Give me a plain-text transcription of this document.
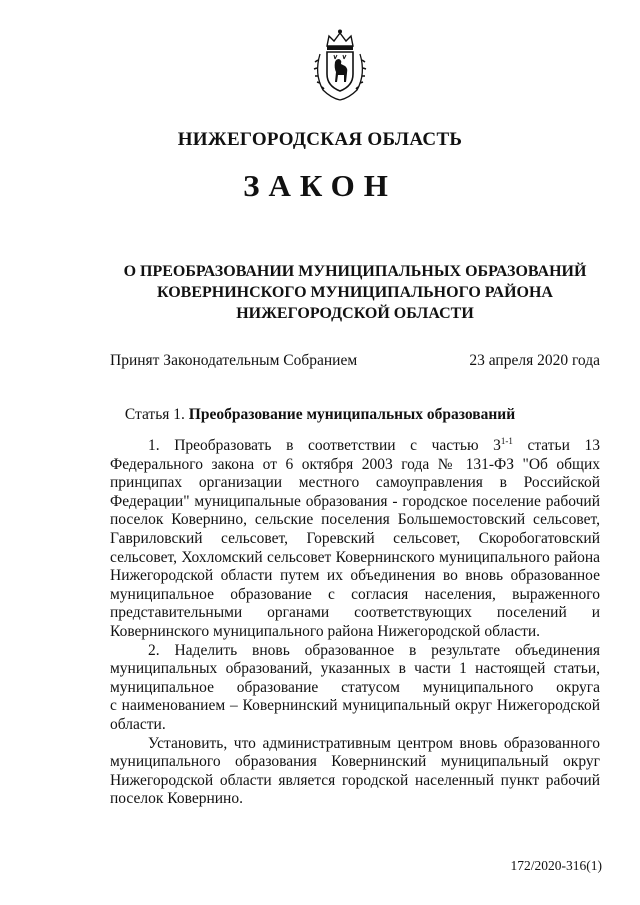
НИЖЕГОРОДСКАЯ ОБЛАСТЬ
ЗАКОН
О ПРЕОБРАЗОВАНИИ МУНИЦИПАЛЬНЫХ ОБРАЗОВАНИЙ
КОВЕРНИНСКОГО МУНИЦИПАЛЬНОГО РАЙОНА
НИЖЕГОРОДСКОЙ ОБЛАСТИ
Принят Законодательным Собранием	23 апреля 2020 года
Статья 1. Преобразование муниципальных образований
1. Преобразовать в соответствии с частью 3$^{1-1}$ статьи 13
Федерального закона от 6 октября 2003 года № 131-ФЗ "Об общих
принципах организации местного самоуправления в Российской
Федерации" муниципальные образования - городское поселение рабочий
поселок Ковернино, сельские поселения Большемостовский сельсовет,
Гавриловский сельсовет, Горевский сельсовет, Скоробогатовский
сельсовет, Хохломский сельсовет Ковернинского муниципального района
Нижегородской области путем их объединения во вновь образованное
муниципальное образование с согласия населения, выраженного
представительными органами соответствующих поселений и
Ковернинского муниципального района Нижегородской области.
2. Наделить вновь образованное в результате объединения
муниципальных образований, указанных в части 1 настоящей статьи,
муниципальное образование статусом муниципального округа
с наименованием – Ковернинский муниципальный округ Нижегородской
области.
Установить, что административным центром вновь образованного
муниципального образования Ковернинский муниципальный округ
Нижегородской области является городской населенный пункт рабочий
поселок Ковернино.
172/2020-316(1)
